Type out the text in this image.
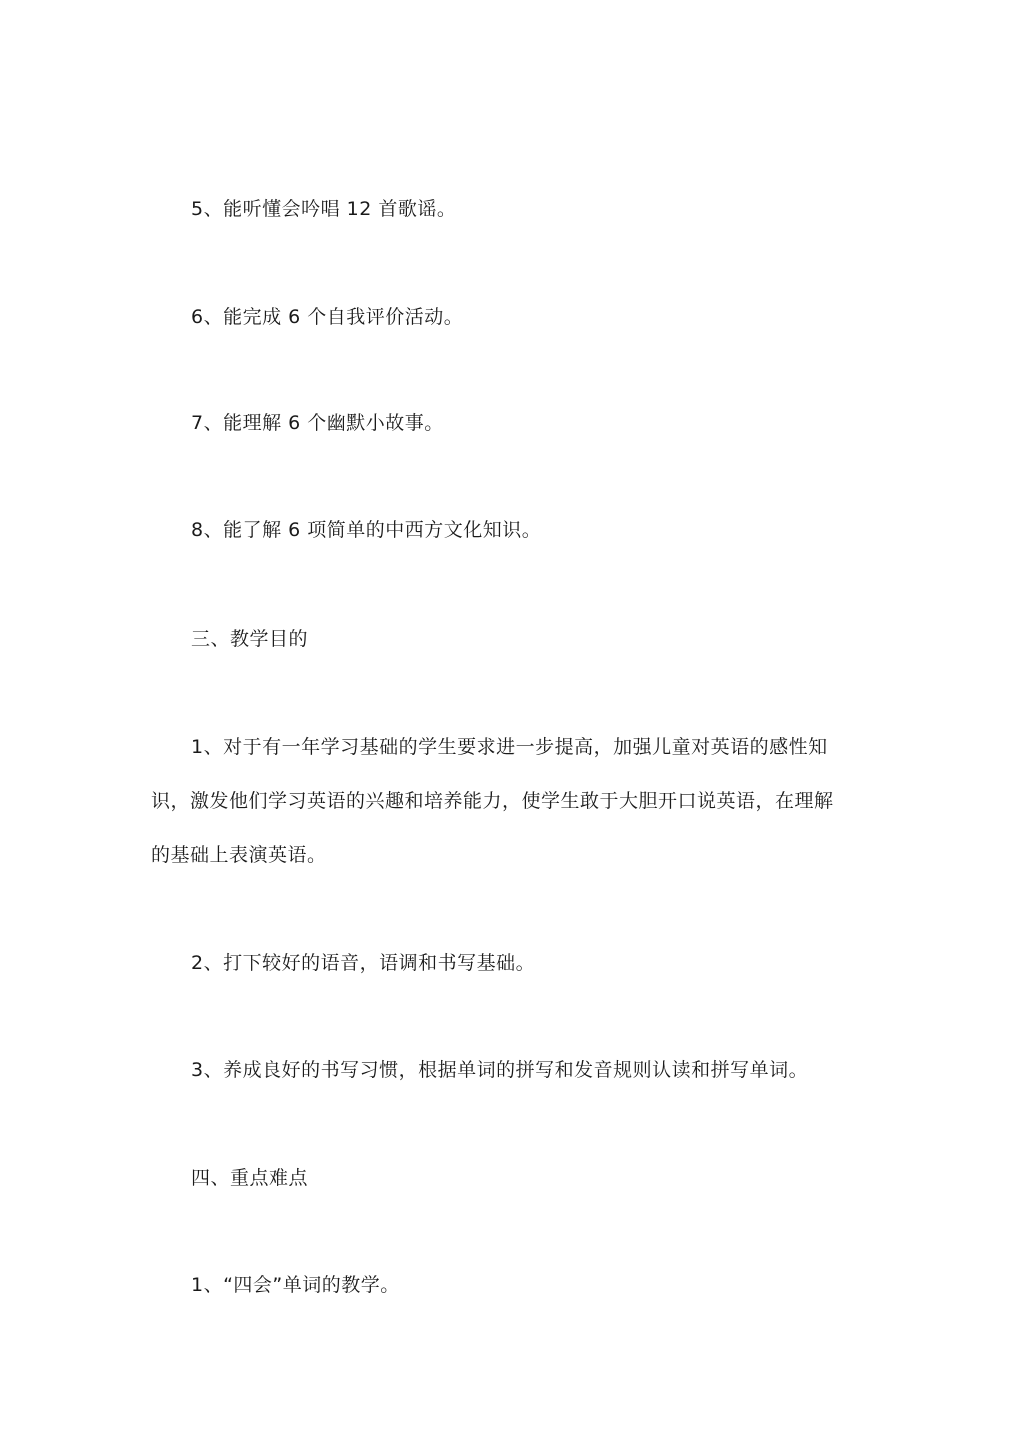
5、能听懂会吟唱 12 首歌谣。
6、能完成 6 个自我评价活动。
7、能理解 6 个幽默小故事。
8、能了解 6 项简单的中西方文化知识。
三、教学目的
1、对于有一年学习基础的学生要求进一步提高，加强儿童对英语的感性知
识，激发他们学习英语的兴趣和培养能力，使学生敢于大胆开口说英语，在理解
的基础上表演英语。
2、打下较好的语音，语调和书写基础。
3、养成良好的书写习惯，根据单词的拼写和发音规则认读和拼写单词。
四、重点难点
1、“四会”单词的教学。
